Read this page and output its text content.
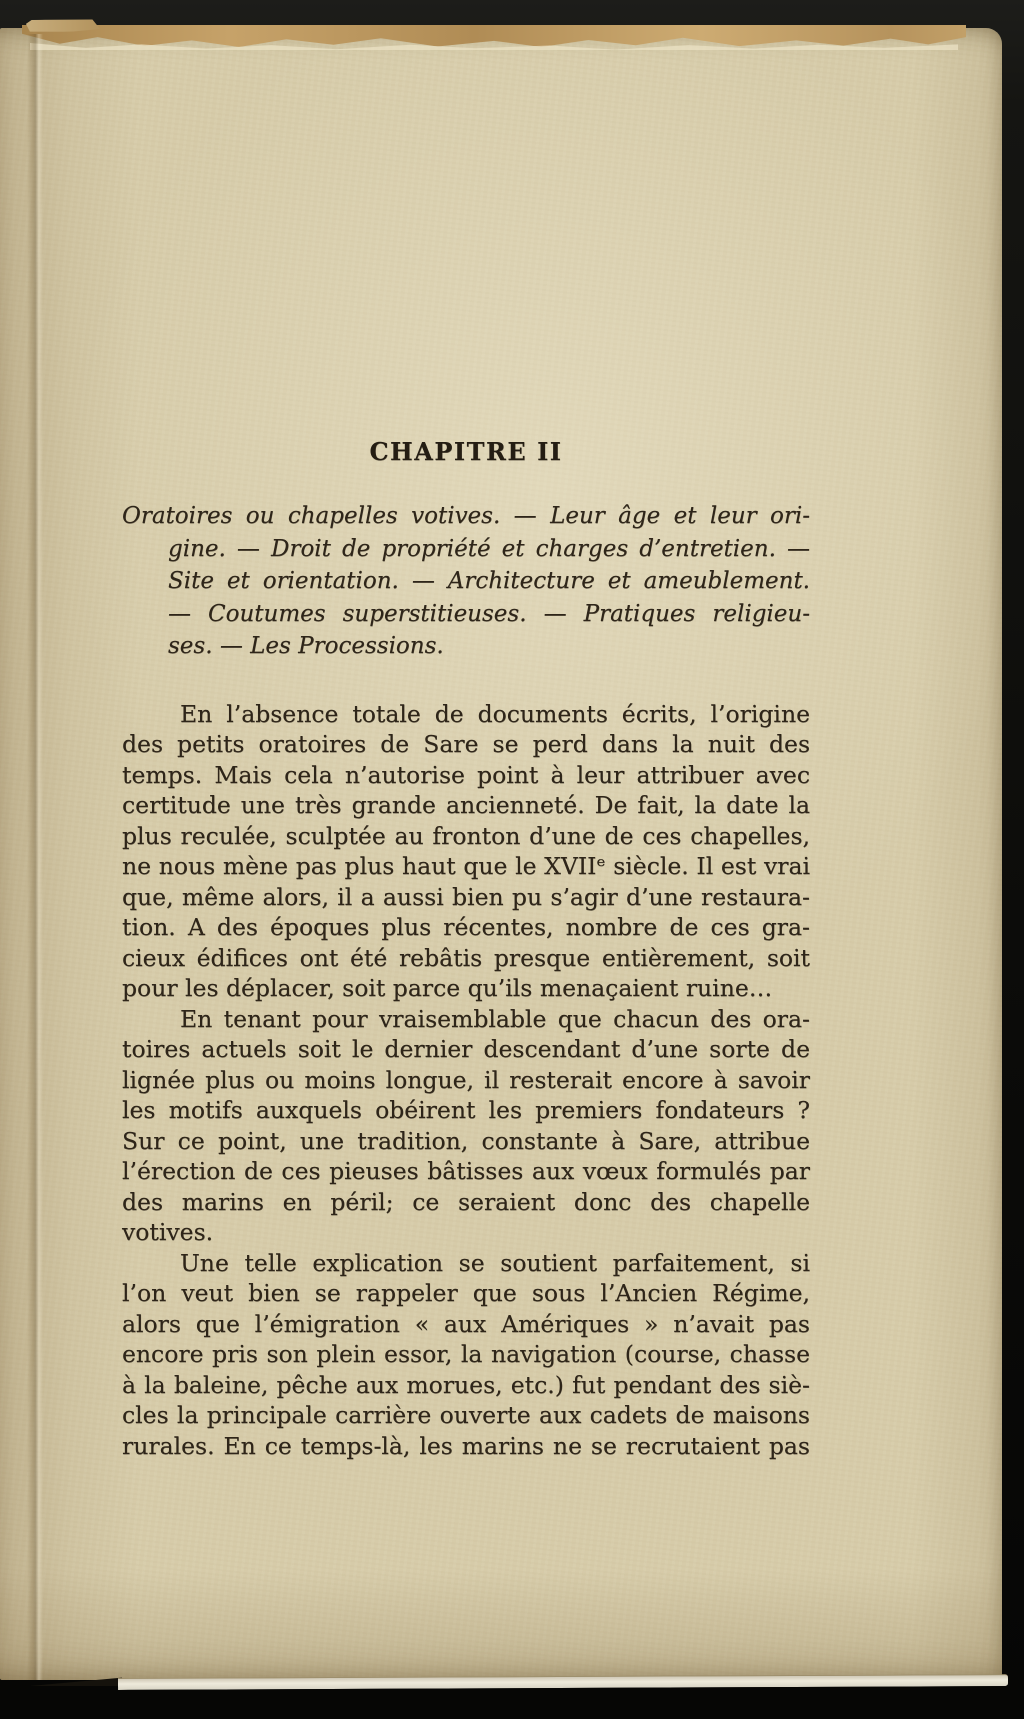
CHAPITRE II
Oratoires ou chapelles votives. — Leur âge et leur ori-
gine. — Droit de propriété et charges d’entretien. —
Site et orientation. — Architecture et ameublement.
— Coutumes superstitieuses. — Pratiques religieu-
ses. — Les Processions.
En l’absence totale de documents écrits, l’origine
des petits oratoires de Sare se perd dans la nuit des
temps. Mais cela n’autorise point à leur attribuer avec
certitude une très grande ancienneté. De fait, la date la
plus reculée, sculptée au fronton d’une de ces chapelles,
ne nous mène pas plus haut que le XVIIᵉ siècle. Il est vrai
que, même alors, il a aussi bien pu s’agir d’une restaura-
tion. A des époques plus récentes, nombre de ces gra-
cieux édifices ont été rebâtis presque entièrement, soit
pour les déplacer, soit parce qu’ils menaçaient ruine…
En tenant pour vraisemblable que chacun des ora-
toires actuels soit le dernier descendant d’une sorte de
lignée plus ou moins longue, il resterait encore à savoir
les motifs auxquels obéirent les premiers fondateurs ?
Sur ce point, une tradition, constante à Sare, attribue
l’érection de ces pieuses bâtisses aux vœux formulés par
des marins en péril; ce seraient donc des chapelle votives.
Une telle explication se soutient parfaitement, si
l’on veut bien se rappeler que sous l’Ancien Régime,
alors que l’émigration « aux Amériques » n’avait pas
encore pris son plein essor, la navigation (course, chasse
à la baleine, pêche aux morues, etc.) fut pendant des siè-
cles la principale carrière ouverte aux cadets de maisons
rurales. En ce temps-là, les marins ne se recrutaient pas
